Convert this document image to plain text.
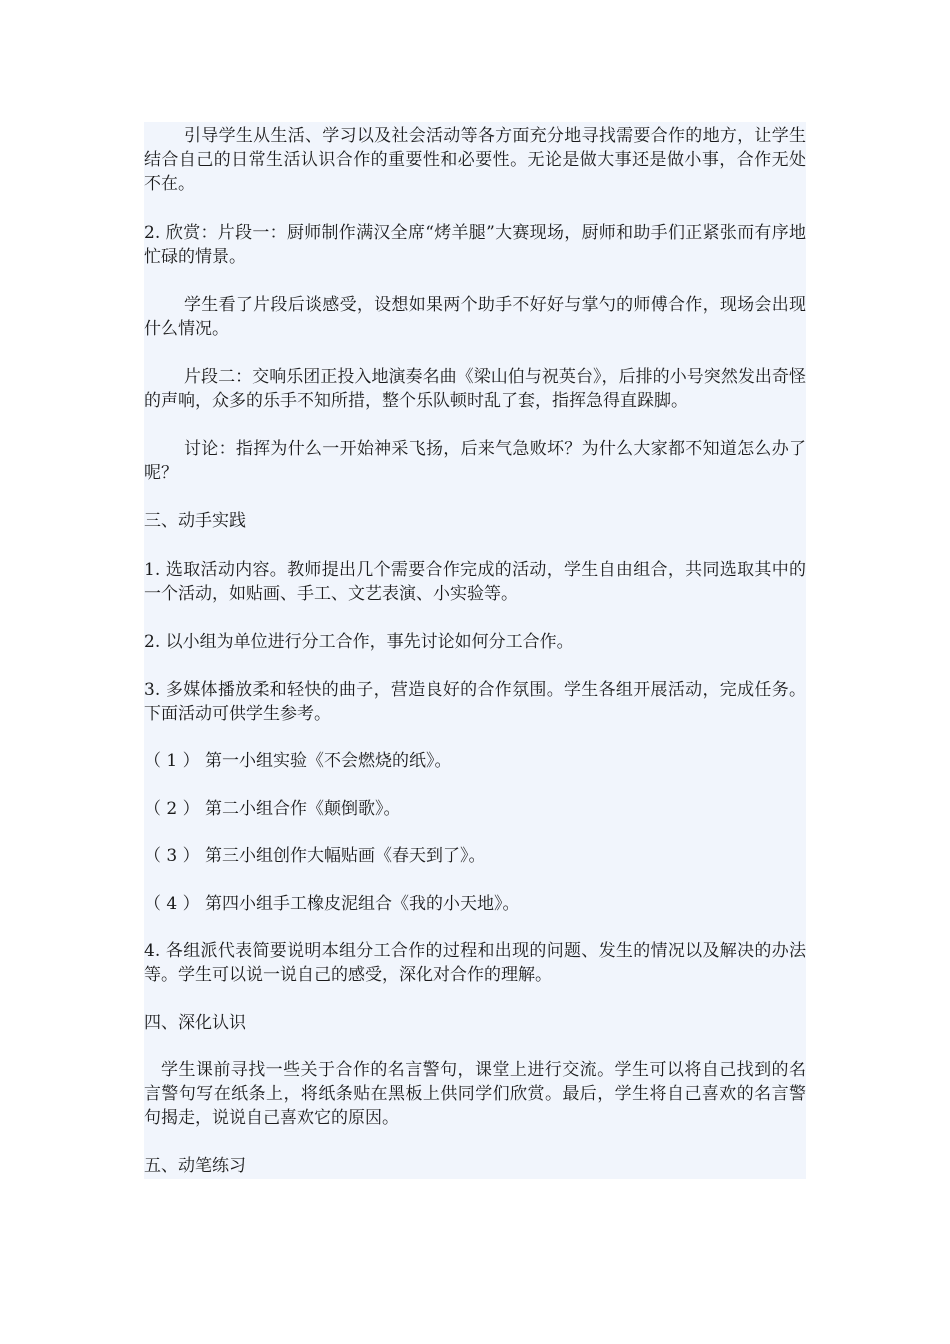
引导学生从生活、学习以及社会活动等各方面充分地寻找需要合作的地方，让学生结合自己的日常生活认识合作的重要性和必要性。无论是做大事还是做小事，合作无处不在。

2. 欣赏：片段一：厨师制作满汉全席“烤羊腿”大赛现场，厨师和助手们正紧张而有序地忙碌的情景。

学生看了片段后谈感受，设想如果两个助手不好好与掌勺的师傅合作，现场会出现什么情况。

片段二：交响乐团正投入地演奏名曲《梁山伯与祝英台》，后排的小号突然发出奇怪的声响，众多的乐手不知所措，整个乐队顿时乱了套，指挥急得直跺脚。

讨论：指挥为什么一开始神采飞扬，后来气急败坏？为什么大家都不知道怎么办了呢？

三、动手实践

1. 选取活动内容。教师提出几个需要合作完成的活动，学生自由组合，共同选取其中的一个活动，如贴画、手工、文艺表演、小实验等。

2. 以小组为单位进行分工合作，事先讨论如何分工合作。

3. 多媒体播放柔和轻快的曲子，营造良好的合作氛围。学生各组开展活动，完成任务。下面活动可供学生参考。

（ 1 ） 第一小组实验《不会燃烧的纸》。

（ 2 ） 第二小组合作《颠倒歌》。

（ 3 ） 第三小组创作大幅贴画《春天到了》。

（ 4 ） 第四小组手工橡皮泥组合《我的小天地》。

4. 各组派代表简要说明本组分工合作的过程和出现的问题、发生的情况以及解决的办法等。学生可以说一说自己的感受，深化对合作的理解。

四、深化认识

学生课前寻找一些关于合作的名言警句，课堂上进行交流。学生可以将自己找到的名言警句写在纸条上，将纸条贴在黑板上供同学们欣赏。最后，学生将自己喜欢的名言警句揭走，说说自己喜欢它的原因。

五、动笔练习
